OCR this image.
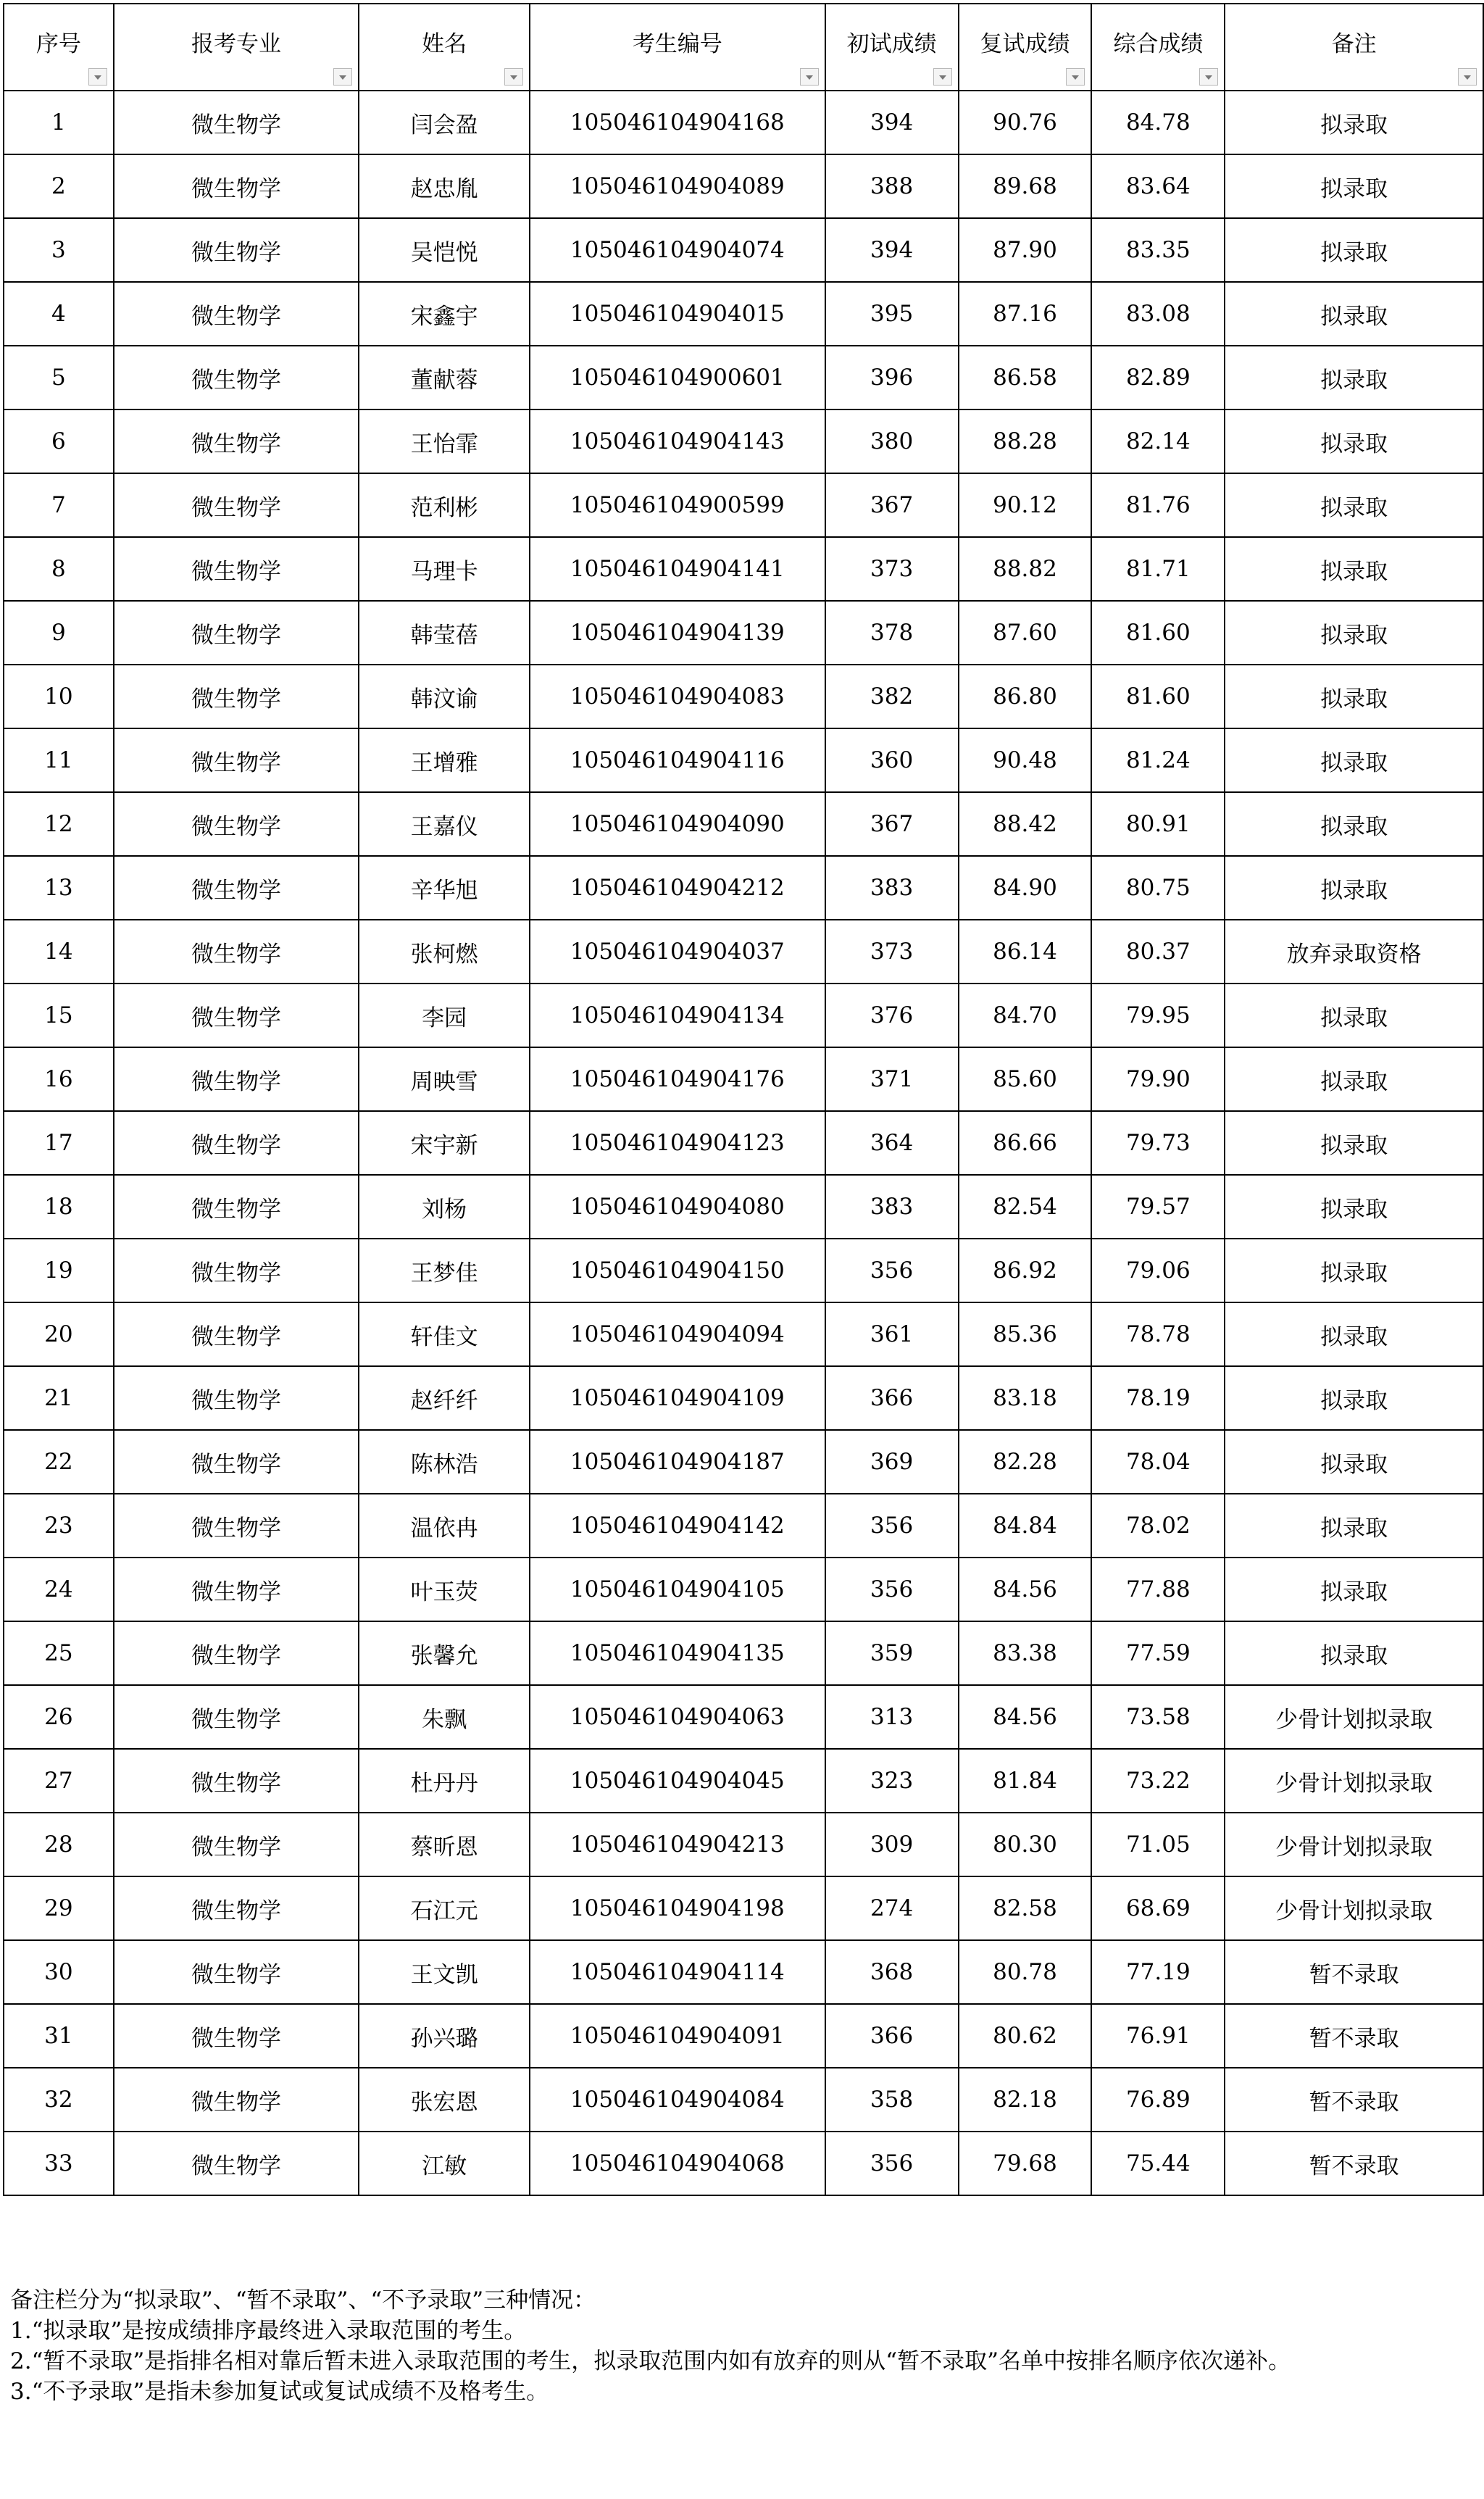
序号	报考专业	姓名	考生编号	初试成绩	复试成绩	综合成绩	备注

1	微生物学	闫会盈	105046104904168	394	90.76	84.78	拟录取
2	微生物学	赵忠胤	105046104904089	388	89.68	83.64	拟录取
3	微生物学	吴恺悦	105046104904074	394	87.90	83.35	拟录取
4	微生物学	宋鑫宇	105046104904015	395	87.16	83.08	拟录取
5	微生物学	董献蓉	105046104900601	396	86.58	82.89	拟录取
6	微生物学	王怡霏	105046104904143	380	88.28	82.14	拟录取
7	微生物学	范利彬	105046104900599	367	90.12	81.76	拟录取
8	微生物学	马理卡	105046104904141	373	88.82	81.71	拟录取
9	微生物学	韩莹蓓	105046104904139	378	87.60	81.60	拟录取
10	微生物学	韩汶谕	105046104904083	382	86.80	81.60	拟录取
11	微生物学	王增雅	105046104904116	360	90.48	81.24	拟录取
12	微生物学	王嘉仪	105046104904090	367	88.42	80.91	拟录取
13	微生物学	辛华旭	105046104904212	383	84.90	80.75	拟录取
14	微生物学	张柯燃	105046104904037	373	86.14	80.37	放弃录取资格
15	微生物学	李园	105046104904134	376	84.70	79.95	拟录取
16	微生物学	周映雪	105046104904176	371	85.60	79.90	拟录取
17	微生物学	宋宇新	105046104904123	364	86.66	79.73	拟录取
18	微生物学	刘杨	105046104904080	383	82.54	79.57	拟录取
19	微生物学	王梦佳	105046104904150	356	86.92	79.06	拟录取
20	微生物学	轩佳文	105046104904094	361	85.36	78.78	拟录取
21	微生物学	赵纤纤	105046104904109	366	83.18	78.19	拟录取
22	微生物学	陈林浩	105046104904187	369	82.28	78.04	拟录取
23	微生物学	温依冉	105046104904142	356	84.84	78.02	拟录取
24	微生物学	叶玉荧	105046104904105	356	84.56	77.88	拟录取
25	微生物学	张馨允	105046104904135	359	83.38	77.59	拟录取
26	微生物学	朱飘	105046104904063	313	84.56	73.58	少骨计划拟录取
27	微生物学	杜丹丹	105046104904045	323	81.84	73.22	少骨计划拟录取
28	微生物学	蔡昕恩	105046104904213	309	80.30	71.05	少骨计划拟录取
29	微生物学	石江元	105046104904198	274	82.58	68.69	少骨计划拟录取
30	微生物学	王文凯	105046104904114	368	80.78	77.19	暂不录取
31	微生物学	孙兴璐	105046104904091	366	80.62	76.91	暂不录取
32	微生物学	张宏恩	105046104904084	358	82.18	76.89	暂不录取
33	微生物学	江敏	105046104904068	356	79.68	75.44	暂不录取

备注栏分为“拟录取”、“暂不录取”、“不予录取”三种情况：

1.“拟录取”是按成绩排序最终进入录取范围的考生。

2.“暂不录取”是指排名相对靠后暂未进入录取范围的考生，拟录取范围内如有放弃的则从“暂不录取”名单中按排名顺序依次递补。

3.“不予录取”是指未参加复试或复试成绩不及格考生。
